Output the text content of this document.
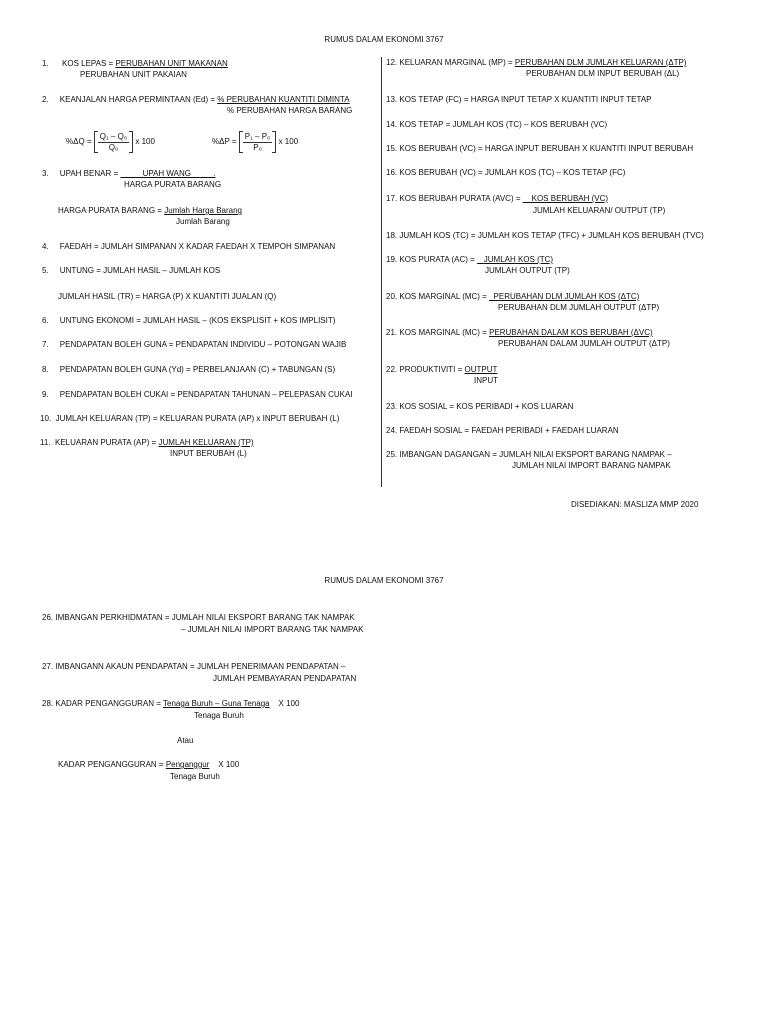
RUMUS DALAM EKONOMI 3767
1. KOS LEPAS = PERUBAHAN UNIT MAKANAN
PERUBAHAN UNIT PAKAIAN
2. KEANJALAN HARGA PERMINTAAN (Ed) = % PERUBAHAN KUANTITI DIMINTA
% PERUBAHAN HARGA BARANG
$\%\Delta Q = \frac{\text{Q₁ – Q₀}}{\text{Q₀}}$ x 100	$\%\Delta P = \frac{\text{P₁ – P₀}}{\text{P₀}}$ x 100
3. UPAH BENAR =           UPAH WANG          .
HARGA PURATA BARANG
HARGA PURATA BARANG = Jumlah Harga Barang
Jumlah Barang
4. FAEDAH = JUMLAH SIMPANAN X KADAR FAEDAH X TEMPOH SIMPANAN
5. UNTUNG = JUMLAH HASIL – JUMLAH KOS
JUMLAH HASIL (TR) = HARGA (P) X KUANTITI JUALAN (Q)
6. UNTUNG EKONOMI = JUMLAH HASIL – (KOS EKSPLISIT + KOS IMPLISIT)
7. PENDAPATAN BOLEH GUNA = PENDAPATAN INDIVIDU – POTONGAN WAJIB
8. PENDAPATAN BOLEH GUNA (Yd) = PERBELANJAAN (C) + TABUNGAN (S)
9. PENDAPATAN BOLEH CUKAI = PENDAPATAN TAHUNAN – PELEPASAN CUKAI
10. JUMLAH KELUARAN (TP) = KELUARAN PURATA (AP) x INPUT BERUBAH (L)
11. KELUARAN PURATA (AP) = JUMLAH KELUARAN (TP)
INPUT BERUBAH (L)
12. KELUARAN MARGINAL (MP) = PERUBAHAN DLM JUMLAH KELUARAN (ΔTP)
PERUBAHAN DLM INPUT BERUBAH (ΔL)
13. KOS TETAP (FC) = HARGA INPUT TETAP X KUANTITI INPUT TETAP
14. KOS TETAP = JUMLAH KOS (TC) – KOS BERUBAH (VC)
15. KOS BERUBAH (VC) = HARGA INPUT BERUBAH X KUANTITI INPUT BERUBAH
16. KOS BERUBAH (VC) = JUMLAH KOS (TC) – KOS TETAP (FC)
17. KOS BERUBAH PURATA (AVC) =     KOS BERUBAH (VC)
JUMLAH KELUARAN/ OUTPUT (TP)
18. JUMLAH KOS (TC) = JUMLAH KOS TETAP (TFC) + JUMLAH KOS BERUBAH (TVC)
19. KOS PURATA (AC) =    JUMLAH KOS (TC)
JUMLAH OUTPUT (TP)
20. KOS MARGINAL (MC) =   PERUBAHAN DLM JUMLAH KOS (ΔTC)
PERUBAHAN DLM JUMLAH OUTPUT (ΔTP)
21. KOS MARGINAL (MC) = PERUBAHAN DALAM KOS BERUBAH (ΔVC)
PERUBAHAN DALAM JUMLAH OUTPUT (ΔTP)
22. PRODUKTIVITI = OUTPUT
INPUT
23. KOS SOSIAL = KOS PERIBADI + KOS LUARAN
24. FAEDAH SOSIAL = FAEDAH PERIBADI + FAEDAH LUARAN
25. IMBANGAN DAGANGAN = JUMLAH NILAI EKSPORT BARANG NAMPAK –
JUMLAH NILAI IMPORT BARANG NAMPAK
DISEDIAKAN: MASLIZA MMP 2020
RUMUS DALAM EKONOMI 3767
26. IMBANGAN PERKHIDMATAN = JUMLAH NILAI EKSPORT BARANG TAK NAMPAK
– JUMLAH NILAI IMPORT BARANG TAK NAMPAK
27. IMBANGANN AKAUN PENDAPATAN = JUMLAH PENERIMAAN PENDAPATAN –
JUMLAH PEMBAYARAN PENDAPATAN
28. KADAR PENGANGGURAN = Tenaga Buruh – Guna Tenaga    X 100
Tenaga Buruh
Atau
KADAR PENGANGGURAN = Penganggur    X 100
Tenaga Buruh
